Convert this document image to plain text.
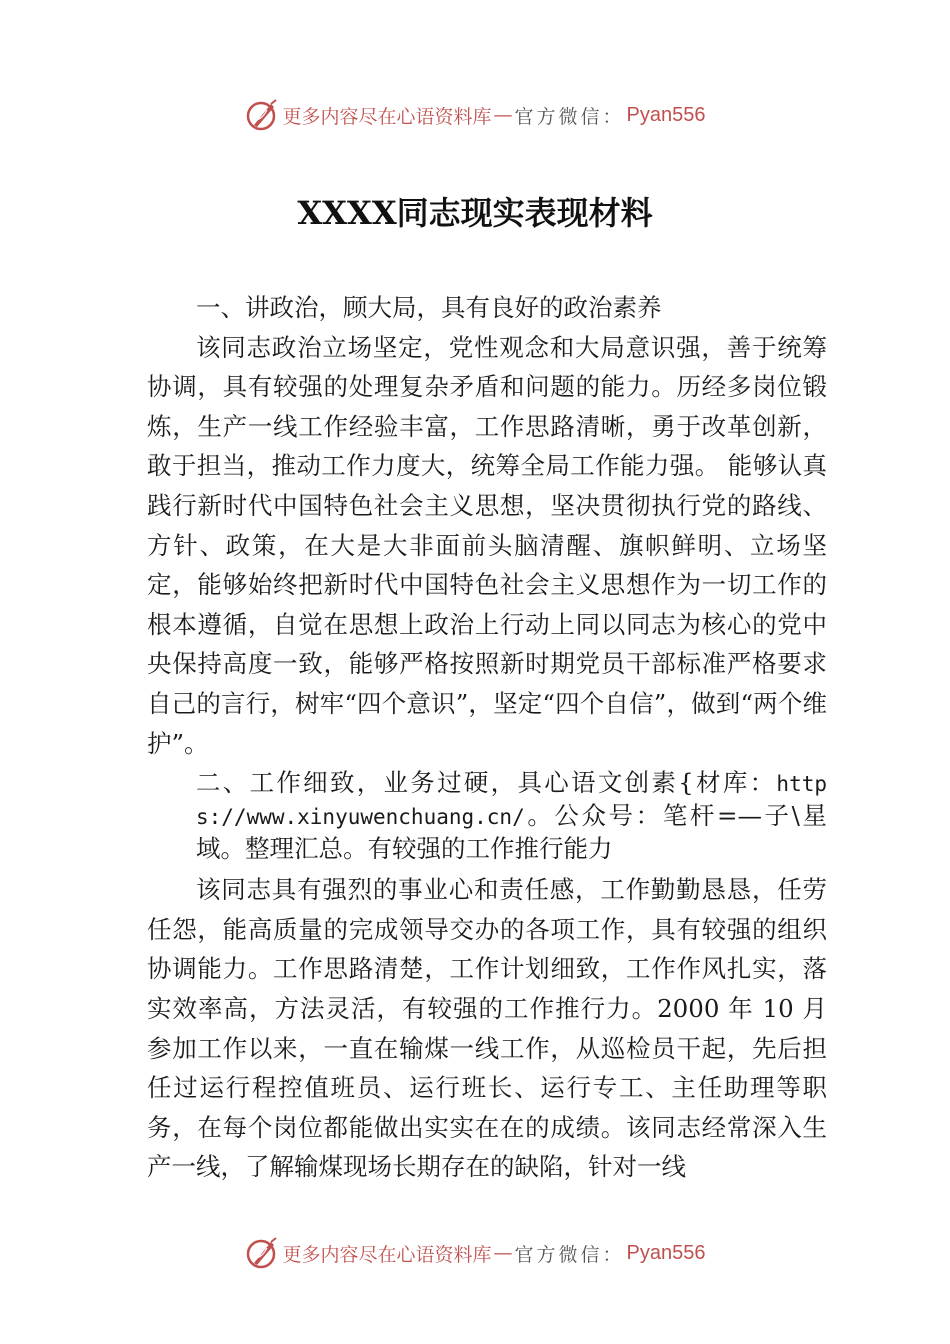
更多内容尽在心语资料库 — 官方微信： Pyan556
XXXX同志现实表现材料

一、讲政治，顾大局，具有良好的政治素养

该同志政治立场坚定，党性观念和大局意识强，善于统筹协调，具有较强的处理复杂矛盾和问题的能力。历经多岗位锻炼，生产一线工作经验丰富，工作思路清晰，勇于改革创新，敢于担当，推动工作力度大，统筹全局工作能力强。 能够认真践行新时代中国特色社会主义思想，坚决贯彻执行党的路线、方针、政策，在大是大非面前头脑清醒、旗帜鲜明、立场坚定，能够始终把新时代中国特色社会主义思想作为一切工作的根本遵循，自觉在思想上政治上行动上同以同志为核心的党中央保持高度一致，能够严格按照新时期党员干部标准严格要求自己的言行，树牢“四个意识”，坚定“四个自信”，做到“两个维护”。

二、工作细致，业务过硬，具心语文创素{材库：https://www.xinyuwenchuang.cn/。公众号：笔杆=—子\星域。整理汇总。有较强的工作推行能力

该同志具有强烈的事业心和责任感，工作勤勤恳恳，任劳任怨，能高质量的完成领导交办的各项工作，具有较强的组织协调能力。工作思路清楚，工作计划细致，工作作风扎实，落实效率高，方法灵活，有较强的工作推行力。2000 年 10 月参加工作以来，一直在输煤一线工作，从巡检员干起，先后担任过运行程控值班员、运行班长、运行专工、主任助理等职务，在每个岗位都能做出实实在在的成绩。该同志经常深入生产一线，了解输煤现场长期存在的缺陷，针对一线

更多内容尽在心语资料库 — 官方微信： Pyan556
